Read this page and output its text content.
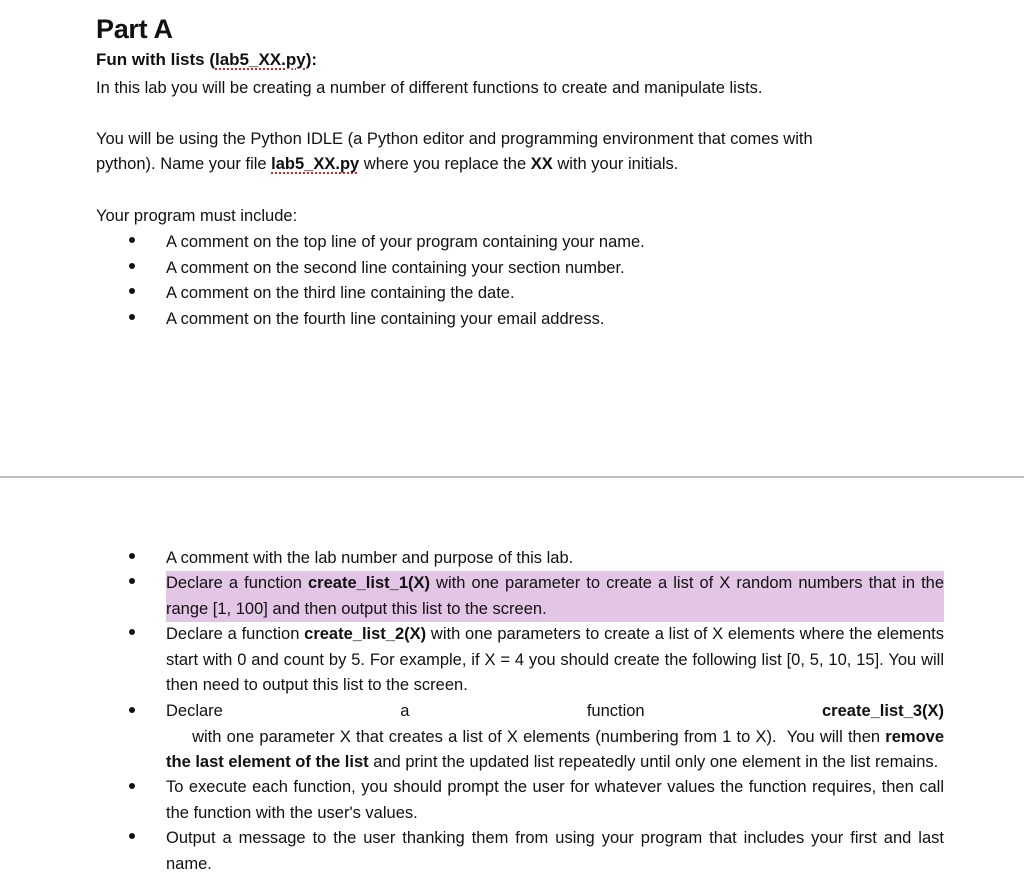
Part A
Fun with lists (lab5_XX.py):
In this lab you will be creating a number of different functions to create and manipulate lists.
You will be using the Python IDLE (a Python editor and programming environment that comes with
python). Name your file lab5_XX.py where you replace the XX with your initials.
Your program must include:
A comment on the top line of your program containing your name.
A comment on the second line containing your section number.
A comment on the third line containing the date.
A comment on the fourth line containing your email address.
A comment with the lab number and purpose of this lab.
Declare a function create_list_1(X) with one parameter to create a list of X random numbers that in the range [1, 100] and then output this list to the screen.
Declare a function create_list_2(X) with one parameters to create a list of X elements where the elements start with 0 and count by 5. For example, if X = 4 you should create the following list [0, 5, 10, 15]. You will then need to output this list to the screen.
Declare a function create_list_3(X)     with one parameter X that creates a list of X elements (numbering from 1 to X).  You will then remove the last element of the list and print the updated list repeatedly until only one element in the list remains.
To execute each function, you should prompt the user for whatever values the function requires, then call the function with the user's values.
Output a message to the user thanking them from using your program that includes your first and last name.
